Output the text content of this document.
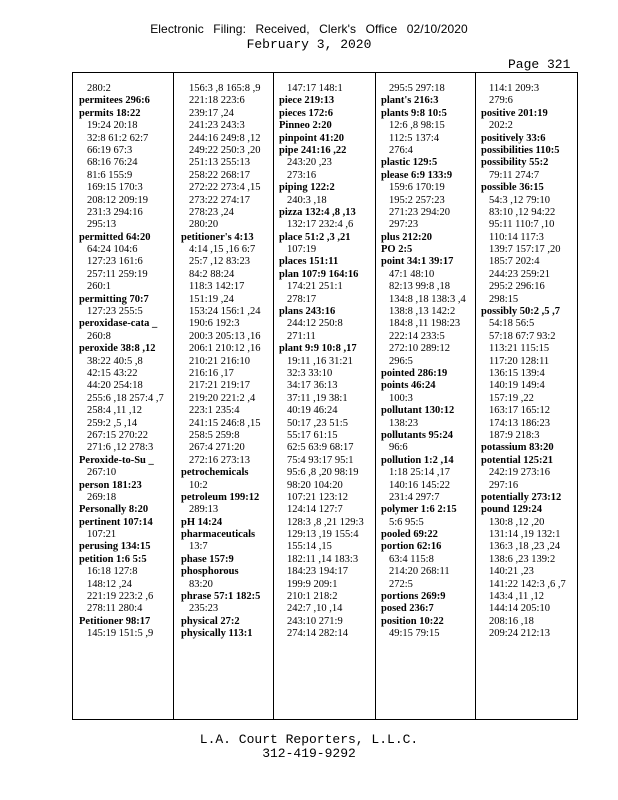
Electronic Filing: Received, Clerk's Office 02/10/2020
February 3, 2020
Page 321
280:2
permitees 296:6
permits 18:22
19:24 20:18
32:8 61:2 62:7
66:19 67:3
68:16 76:24
81:6 155:9
169:15 170:3
208:12 209:19
231:3 294:16
295:13
permitted 64:20
64:24 104:6
127:23 161:6
257:11 259:19
260:1
permitting 70:7
127:23 255:5
peroxidase-cata _
260:8
peroxide 38:8 ,12
38:22 40:5 ,8
42:15 43:22
44:20 254:18
255:6 ,18 257:4 ,7
258:4 ,11 ,12
259:2 ,5 ,14
267:15 270:22
271:6 ,12 278:3
Peroxide-to-Su _
267:10
person 181:23
269:18
Personally 8:20
pertinent 107:14
107:21
perusing 134:15
petition 1:6 5:5
16:18 127:8
148:12 ,24
221:19 223:2 ,6
278:11 280:4
Petitioner 98:17
145:19 151:5 ,9
156:3 ,8 165:8 ,9
221:18 223:6
239:17 ,24
241:23 243:3
244:16 249:8 ,12
249:22 250:3 ,20
251:13 255:13
258:22 268:17
272:22 273:4 ,15
273:22 274:17
278:23 ,24
280:20
petitioner's 4:13
4:14 ,15 ,16 6:7
25:7 ,12 83:23
84:2 88:24
118:3 142:17
151:19 ,24
153:24 156:1 ,24
190:6 192:3
200:3 205:13 ,16
206:1 210:12 ,16
210:21 216:10
216:16 ,17
217:21 219:17
219:20 221:2 ,4
223:1 235:4
241:15 246:8 ,15
258:5 259:8
267:4 271:20
272:16 273:13
petrochemicals
10:2
petroleum 199:12
289:13
pH 14:24
pharmaceuticals
13:7
phase 157:9
phosphorous
83:20
phrase 57:1 182:5
235:23
physical 27:2
physically 113:1
147:17 148:1
piece 219:13
pieces 172:6
Pinneo 2:20
pinpoint 41:20
pipe 241:16 ,22
243:20 ,23
273:16
piping 122:2
240:3 ,18
pizza 132:4 ,8 ,13
132:17 232:4 ,6
place 51:2 ,3 ,21
107:19
places 151:11
plan 107:9 164:16
174:21 251:1
278:17
plans 243:16
244:12 250:8
271:11
plant 9:9 10:8 ,17
19:11 ,16 31:21
32:3 33:10
34:17 36:13
37:11 ,19 38:1
40:19 46:24
50:17 ,23 51:5
55:17 61:15
62:5 63:9 68:17
75:4 93:17 95:1
95:6 ,8 ,20 98:19
98:20 104:20
107:21 123:12
124:14 127:7
128:3 ,8 ,21 129:3
129:13 ,19 155:4
155:14 ,15
182:11 ,14 183:3
184:23 194:17
199:9 209:1
210:1 218:2
242:7 ,10 ,14
243:10 271:9
274:14 282:14
295:5 297:18
plant's 216:3
plants 9:8 10:5
12:6 ,8 98:15
112:5 137:4
276:4
plastic 129:5
please 6:9 133:9
159:6 170:19
195:2 257:23
271:23 294:20
297:23
plus 212:20
PO 2:5
point 34:1 39:17
47:1 48:10
82:13 99:8 ,18
134:8 ,18 138:3 ,4
138:8 ,13 142:2
184:8 ,11 198:23
222:14 233:5
272:10 289:12
296:5
pointed 286:19
points 46:24
100:3
pollutant 130:12
138:23
pollutants 95:24
96:6
pollution 1:2 ,14
1:18 25:14 ,17
140:16 145:22
231:4 297:7
polymer 1:6 2:15
5:6 95:5
pooled 69:22
portion 62:16
63:4 115:8
214:20 268:11
272:5
portions 269:9
posed 236:7
position 10:22
49:15 79:15
114:1 209:3
279:6
positive 201:19
202:2
positively 33:6
possibilities 110:5
possibility 55:2
79:11 274:7
possible 36:15
54:3 ,12 79:10
83:10 ,12 94:22
95:11 110:7 ,10
110:14 117:3
139:7 157:17 ,20
185:7 202:4
244:23 259:21
295:2 296:16
298:15
possibly 50:2 ,5 ,7
54:18 56:5
57:18 67:7 93:2
113:21 115:15
117:20 128:11
136:15 139:4
140:19 149:4
157:19 ,22
163:17 165:12
174:13 186:23
187:9 218:3
potassium 83:20
potential 125:21
242:19 273:16
297:16
potentially 273:12
pound 129:24
130:8 ,12 ,20
131:14 ,19 132:1
136:3 ,18 ,23 ,24
138:6 ,23 139:2
140:21 ,23
141:22 142:3 ,6 ,7
143:4 ,11 ,12
144:14 205:10
208:16 ,18
209:24 212:13
L.A. Court Reporters, L.L.C.
312-419-9292
